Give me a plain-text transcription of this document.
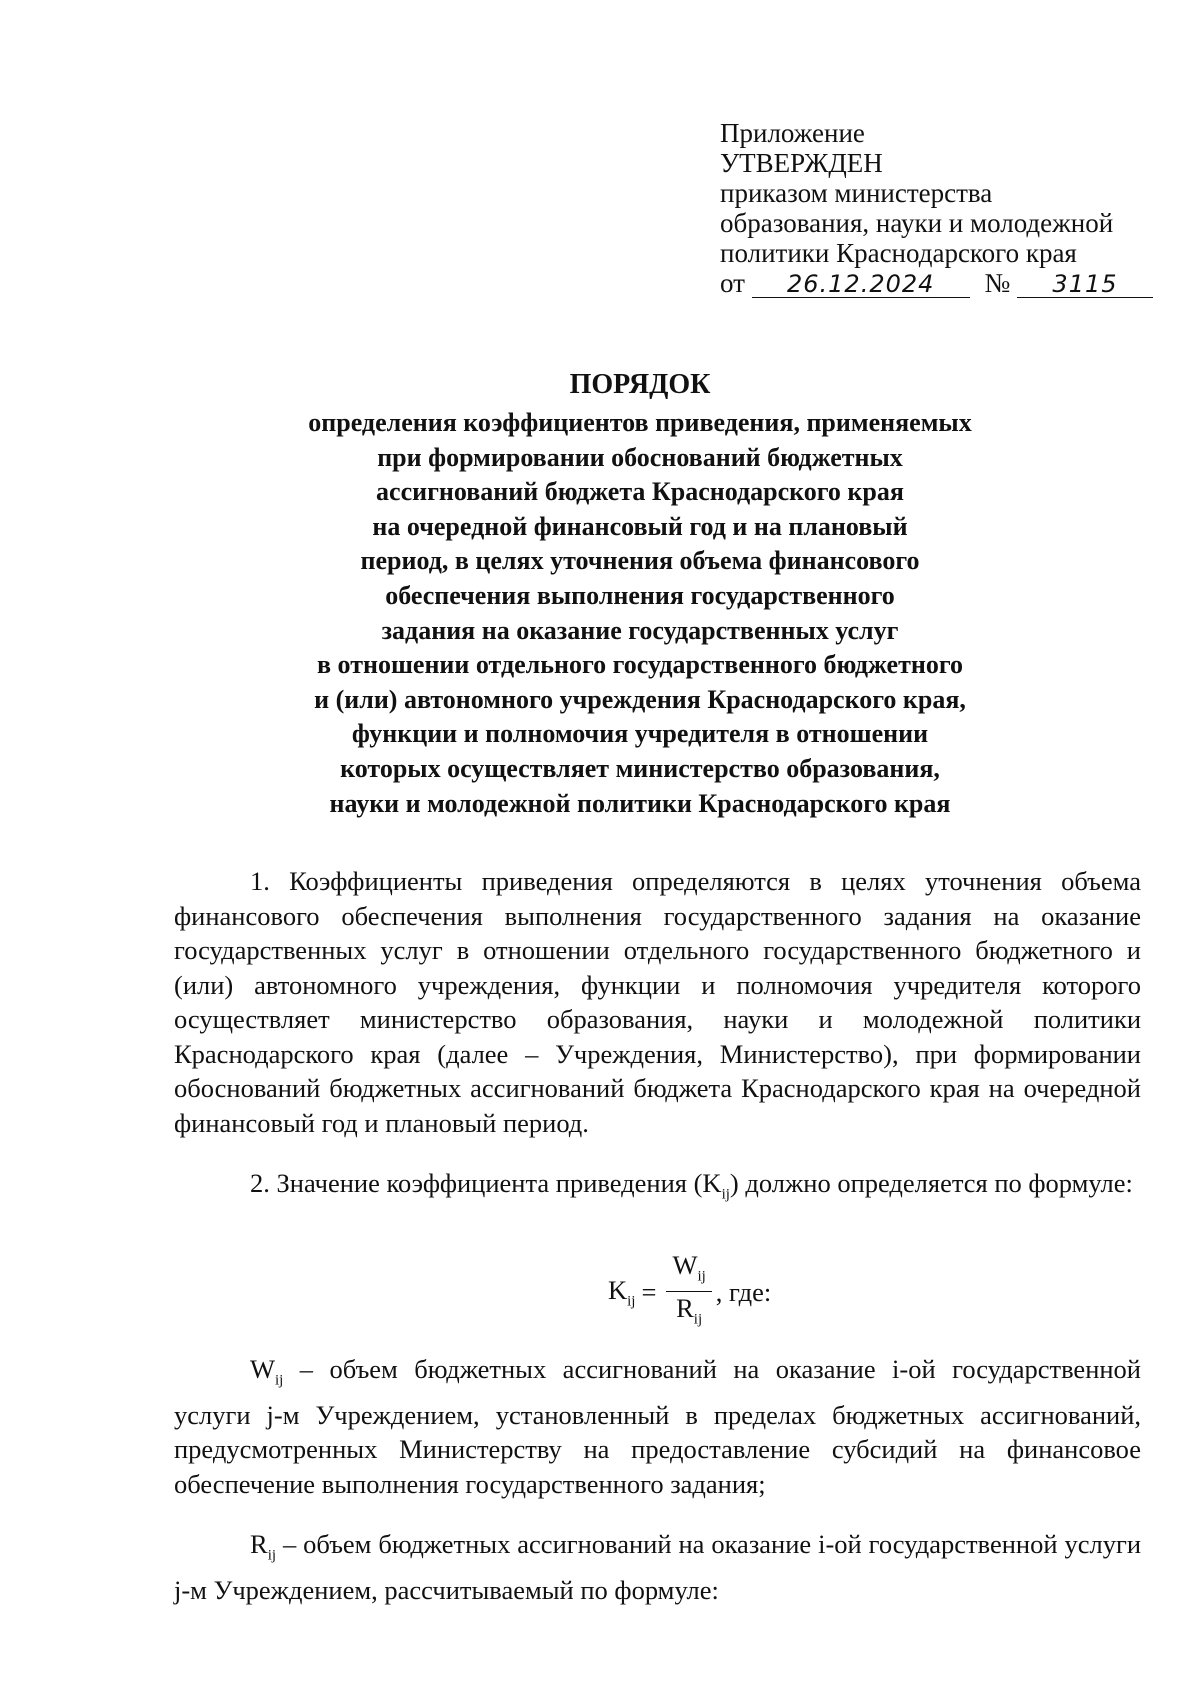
Приложение
УТВЕРЖДЕН
приказом министерства
образования, науки и молодежной
политики Краснодарского края
от 26.12.2024 № 3115
ПОРЯДОК
определения коэффициентов приведения, применяемых
при формировании обоснований бюджетных
ассигнований бюджета Краснодарского края
на очередной финансовый год и на плановый
период, в целях уточнения объема финансового
обеспечения выполнения государственного
задания на оказание государственных услуг
в отношении отдельного государственного бюджетного
и (или) автономного учреждения Краснодарского края,
функции и полномочия учредителя в отношении
которых осуществляет министерство образования,
науки и молодежной политики Краснодарского края

1. Коэффициенты приведения определяются в целях уточнения объема финансового обеспечения выполнения государственного задания на оказание государственных услуг в отношении отдельного государственного бюджетного и (или) автономного учреждения, функции и полномочия учредителя которого осуществляет министерство образования, науки и молодежной политики Краснодарского края (далее – Учреждения, Министерство), при формировании обоснований бюджетных ассигнований бюджета Краснодарского края на очередной финансовый год и плановый период.

2. Значение коэффициента приведения $(K_{ij})$ должно определяется по формуле:

$K_{ij} = \frac{W_{ij}}{R_{ij}}$ , где:

$W_{ij}$ – объем бюджетных ассигнований на оказание i-ой государственной услуги j-м Учреждением, установленный в пределах бюджетных ассигнований, предусмотренных Министерству на предоставление субсидий на финансовое обеспечение выполнения государственного задания;

$R_{ij}$ – объем бюджетных ассигнований на оказание i-ой государственной услуги j-м Учреждением, рассчитываемый по формуле:
